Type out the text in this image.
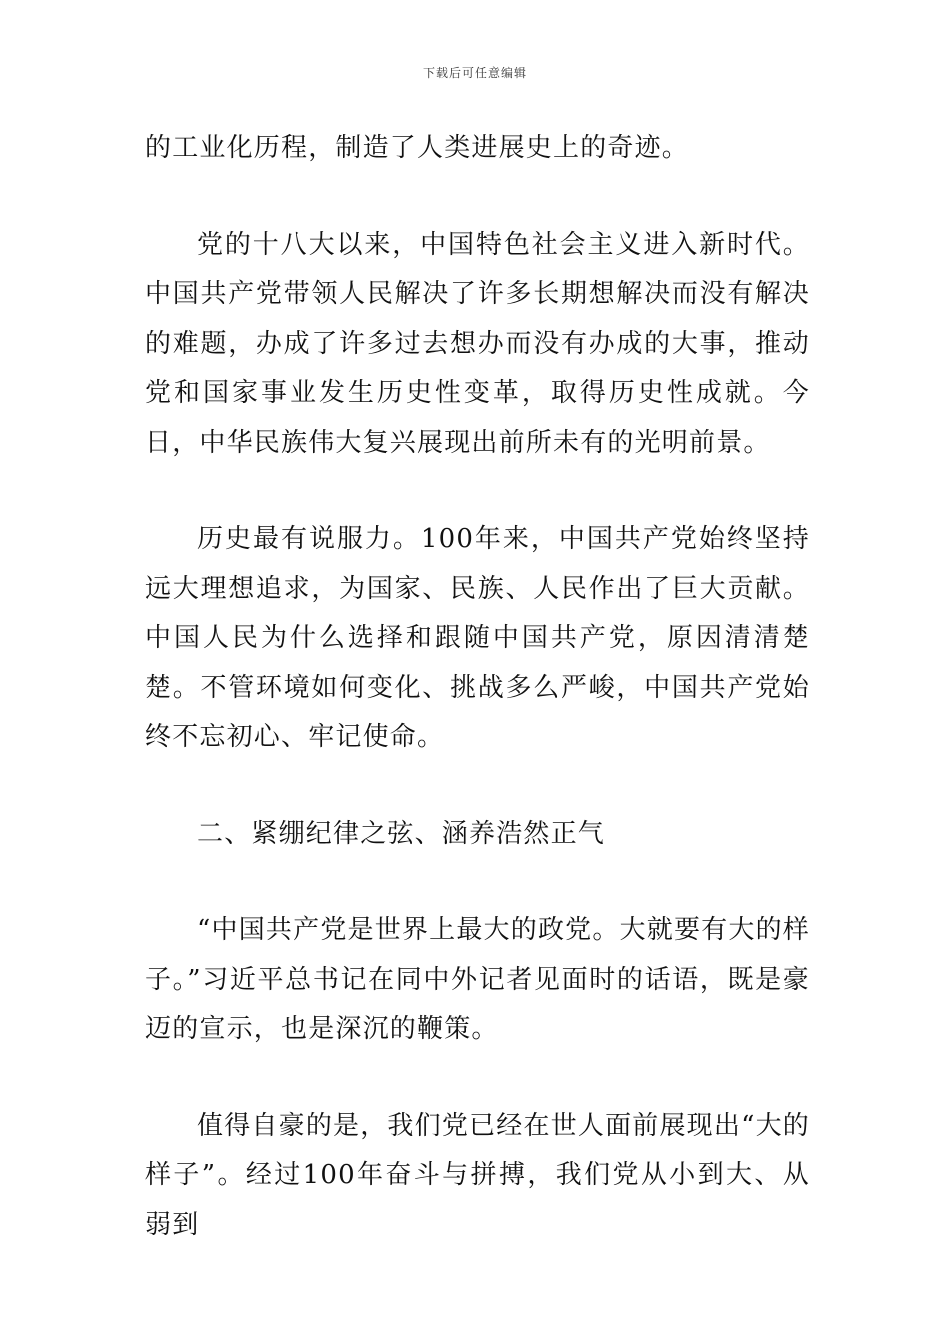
下载后可任意编辑

的工业化历程，制造了人类进展史上的奇迹。

党的十八大以来，中国特色社会主义进入新时代。中国共产党带领人民解决了许多长期想解决而没有解决的难题，办成了许多过去想办而没有办成的大事，推动党和国家事业发生历史性变革，取得历史性成就。今日，中华民族伟大复兴展现出前所未有的光明前景。

历史最有说服力。100年来，中国共产党始终坚持远大理想追求，为国家、民族、人民作出了巨大贡献。中国人民为什么选择和跟随中国共产党，原因清清楚楚。不管环境如何变化、挑战多么严峻，中国共产党始终不忘初心、牢记使命。

二、紧绷纪律之弦、涵养浩然正气

“中国共产党是世界上最大的政党。大就要有大的样子。”习近平总书记在同中外记者见面时的话语，既是豪迈的宣示，也是深沉的鞭策。

值得自豪的是，我们党已经在世人面前展现出“大的样子”。经过100年奋斗与拼搏，我们党从小到大、从弱到
